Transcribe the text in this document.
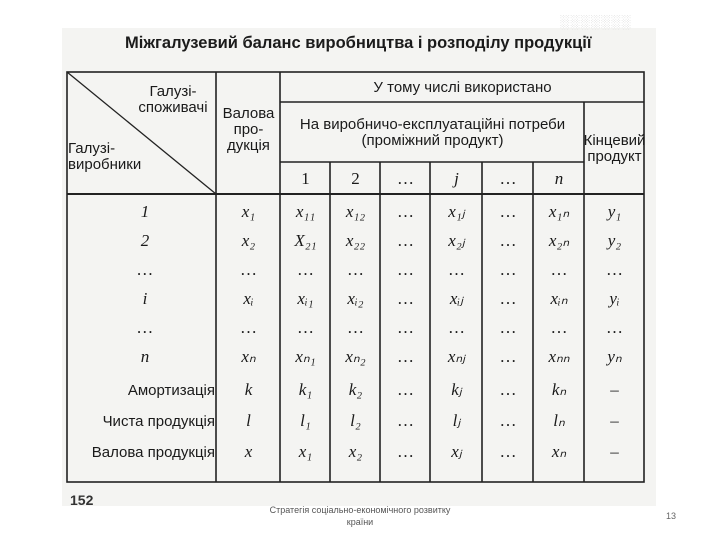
░░░░░░░
Міжгалузевий баланс виробництва і розподілу продукції
Галузі-
споживачі
Галузі-
виробники
Валова
про-
дукція
У тому числі використано
На виробничо-експлуатаційні потреби
(проміжний продукт)	Кінцевий
продукт
1	2	…	j	…	n
1	x₁	x₁₁	x₁₂	…	x₁ⱼ	…	x₁ₙ	y₁
2	x₂	X₂₁	x₂₂	…	x₂ⱼ	…	x₂ₙ	y₂
…	…	…	…	…	…	…	…	…
i	xᵢ	xᵢ₁	xᵢ₂	…	xᵢⱼ	…	xᵢₙ	yᵢ
…	…	…	…	…	…	…	…	…
n	xₙ	xₙ₁	xₙ₂	…	xₙⱼ	…	xₙₙ	yₙ
Амортизація	k	k₁	k₂	…	kⱼ	…	kₙ	–
Чиста продукція	l	l₁	l₂	…	lⱼ	…	lₙ	–
Валова продукція	x	x₁	x₂	…	xⱼ	…	xₙ	–
152
Стратегія соціально-економічного розвитку країни
13
